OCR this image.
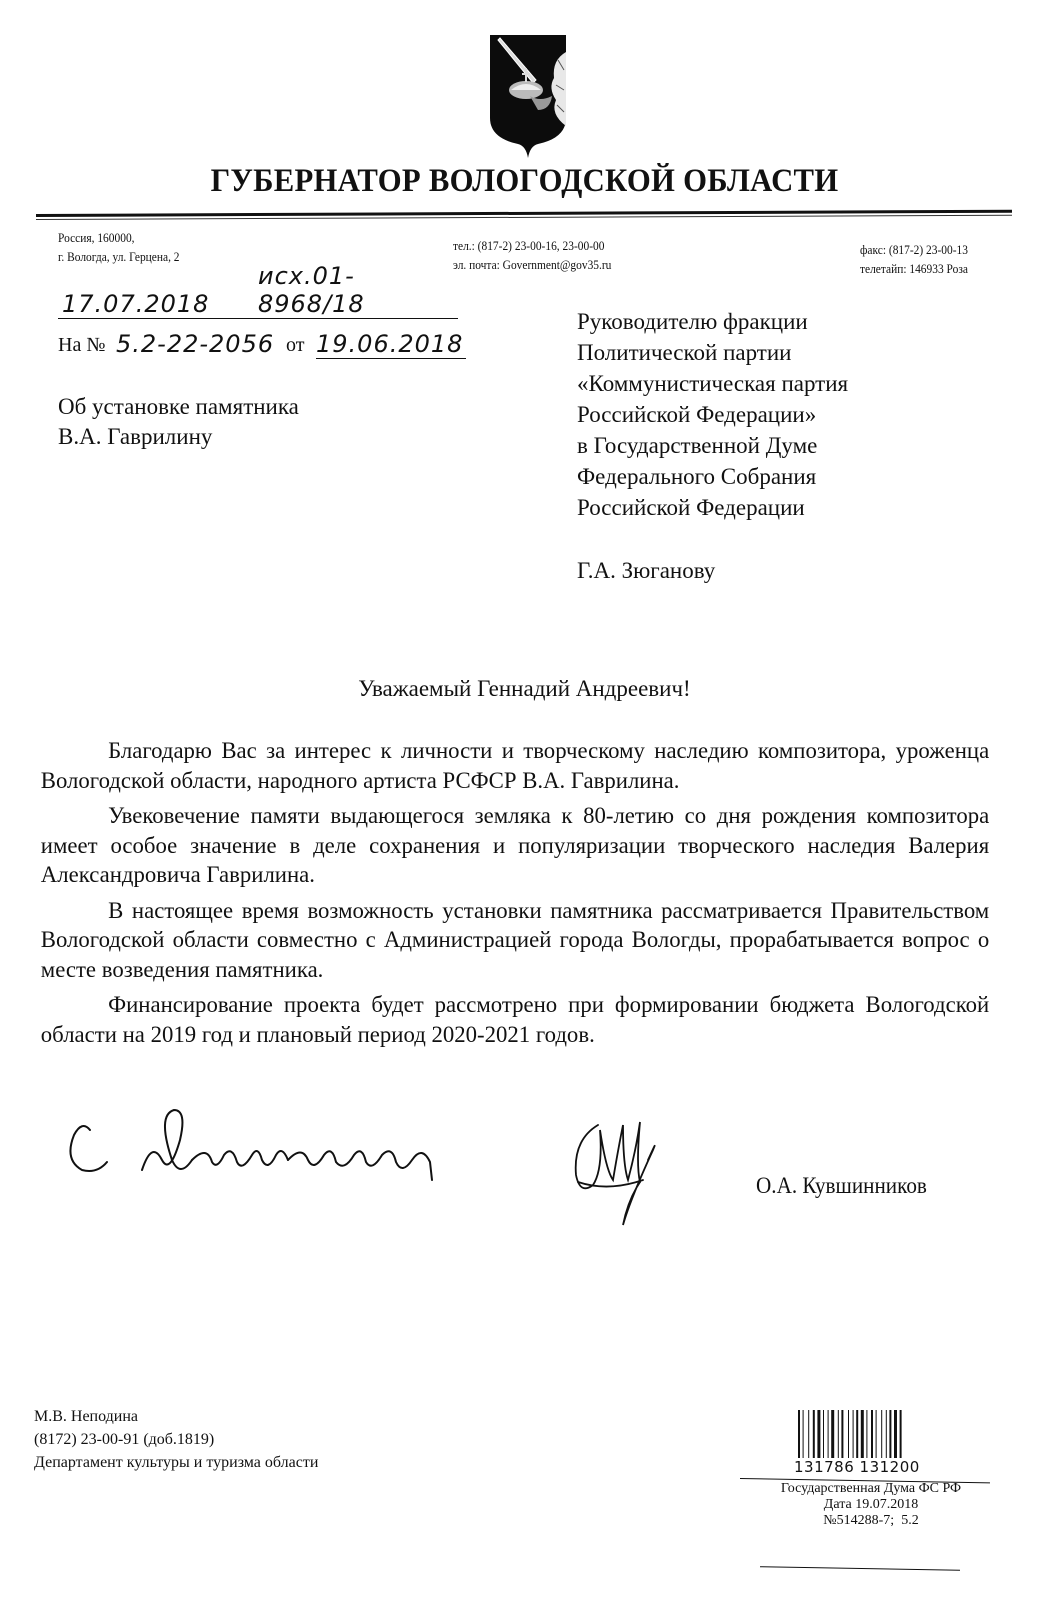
ГУБЕРНАТОР ВОЛОГОДСКОЙ ОБЛАСТИ
Россия, 160000,
г. Вологда, ул. Герцена, 2
тел.: (817-2) 23-00-16, 23-00-00
эл. почта: Government@gov35.ru
факс: (817-2) 23-00-13
телетайп: 146933 Роза
17.07.2018
исх.01-8968/18
На № 5.2-22-2056 от 19.06.2018
Об установке памятника
В.А. Гаврилину
Руководителю фракции
Политической партии
«Коммунистическая партия
Российской Федерации»
в Государственной Думе
Федерального Собрания
Российской Федерации
Г.А. Зюганову
Уважаемый Геннадий Андреевич!

Благодарю Вас за интерес к личности и творческому наследию композитора, уроженца Вологодской области, народного артиста РСФСР В.А. Гаврилина.

Увековечение памяти выдающегося земляка к 80-летию со дня рождения композитора имеет особое значение в деле сохранения и популяризации творческого наследия Валерия Александровича Гаврилина.

В настоящее время возможность установки памятника рассматривается Правительством Вологодской области совместно с Администрацией города Вологды, прорабатывается вопрос о месте возведения памятника.

Финансирование проекта будет рассмотрено при формировании бюджета Вологодской области на 2019 год и плановый период 2020-2021 годов.

О.А. Кувшинников
М.В. Неподина
(8172) 23-00-91 (доб.1819)
Департамент культуры и туризма области	131786 131200
Государственная Дума ФС РФ
Дата 19.07.2018
№514288-7; 5.2
